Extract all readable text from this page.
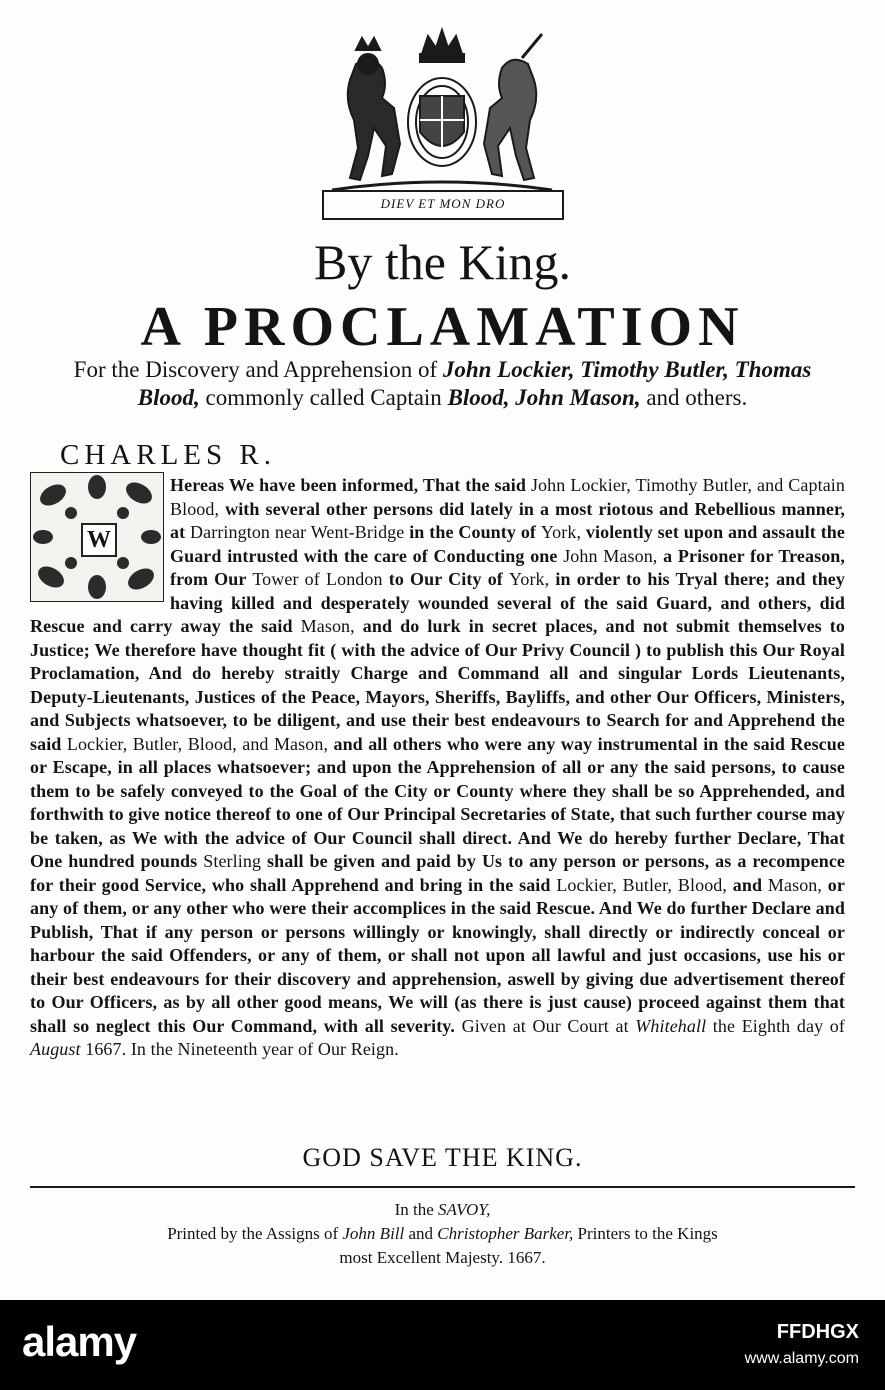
DIEV ET MON DRO
By the King.
A PROCLAMATION
For the Discovery and Apprehension of John Lockier, Timothy Butler, Thomas Blood, commonly called Captain Blood, John Mason, and others.
CHARLES R.
W
Hereas We have been informed, That the said John Lockier, Timothy Butler, and Captain Blood, with several other persons did lately in a most riotous and Rebellious manner, at Darrington near Went-Bridge in the County of York, violently set upon and assault the Guard intrusted with the care of Conducting one John Mason, a Prisoner for Treason, from Our Tower of London to Our City of York, in order to his Tryal there; and they having killed and desperately wounded several of the said Guard, and others, did Rescue and carry away the said Mason, and do lurk in secret places, and not submit themselves to Justice; We therefore have thought fit ( with the advice of Our Privy Council ) to publish this Our Royal Proclamation, And do hereby straitly Charge and Command all and singular Lords Lieutenants, Deputy-Lieutenants, Justices of the Peace, Mayors, Sheriffs, Bayliffs, and other Our Officers, Ministers, and Subjects whatsoever, to be diligent, and use their best endeavours to Search for and Apprehend the said Lockier, Butler, Blood, and Mason, and all others who were any way instrumental in the said Rescue or Escape, in all places whatsoever; and upon the Apprehension of all or any the said persons, to cause them to be safely conveyed to the Goal of the City or County where they shall be so Apprehended, and forthwith to give notice thereof to one of Our Principal Secretaries of State, that such further course may be taken, as We with the advice of Our Council shall direct. And We do hereby further Declare, That One hundred pounds Sterling shall be given and paid by Us to any person or persons, as a recompence for their good Service, who shall Apprehend and bring in the said Lockier, Butler, Blood, and Mason, or any of them, or any other who were their accomplices in the said Rescue. And We do further Declare and Publish, That if any person or persons willingly or knowingly, shall directly or indirectly conceal or harbour the said Offenders, or any of them, or shall not upon all lawful and just occasions, use his or their best endeavours for their discovery and apprehension, aswell by giving due advertisement thereof to Our Officers, as by all other good means, We will (as there is just cause) proceed against them that shall so neglect this Our Command, with all severity. Given at Our Court at Whitehall the Eighth day of August 1667. In the Nineteenth year of Our Reign.
GOD SAVE THE KING.
In the SAVOY,
Printed by the Assigns of John Bill and Christopher Barker, Printers to the Kings
most Excellent Majesty. 1667.
alamy	FFDHGX
www.alamy.com
